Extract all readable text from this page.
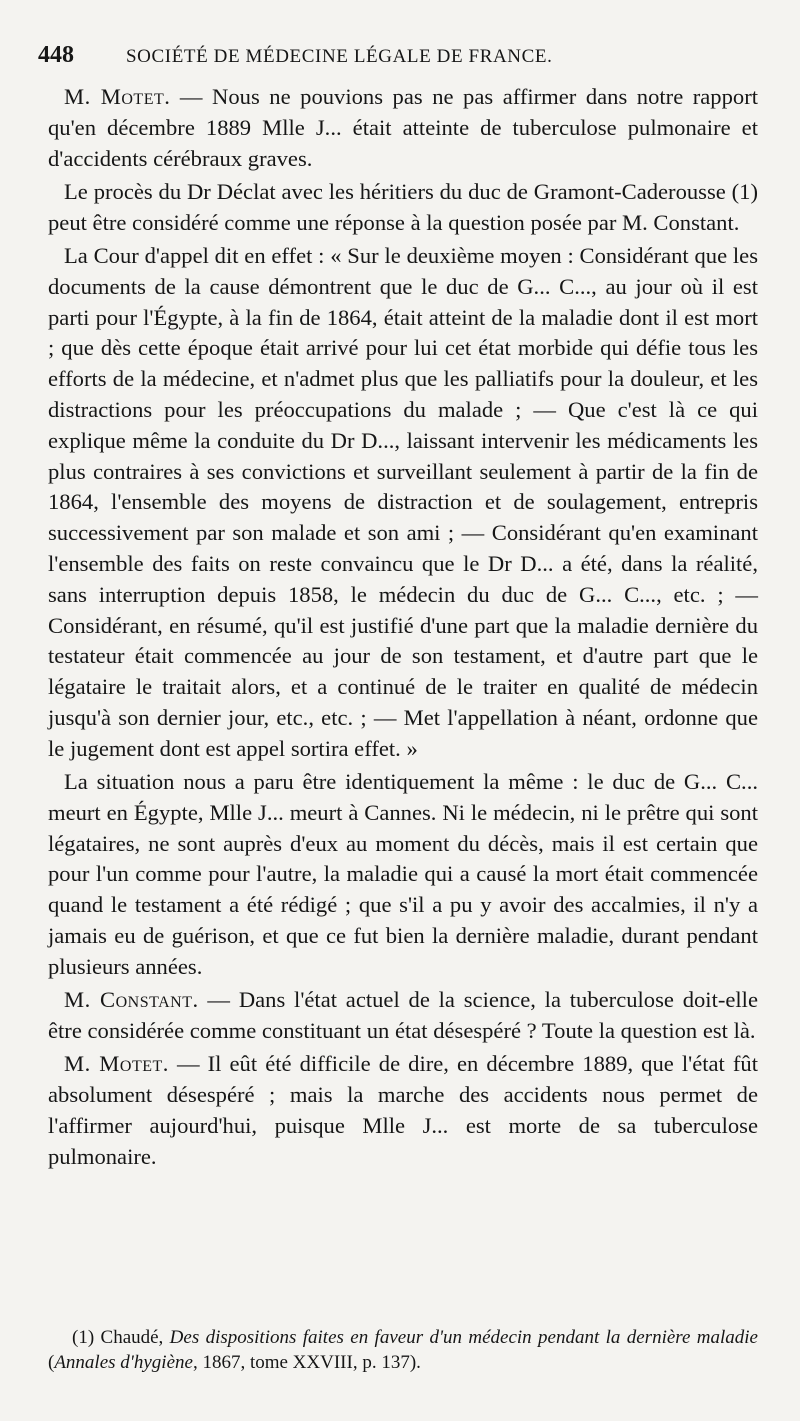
448	SOCIÉTÉ DE MÉDECINE LÉGALE DE FRANCE.

M. Motet. — Nous ne pouvions pas ne pas affirmer dans notre rapport qu'en décembre 1889 Mlle J... était atteinte de tuberculose pulmonaire et d'accidents cérébraux graves.

Le procès du Dr Déclat avec les héritiers du duc de Gramont-Caderousse (1) peut être considéré comme une réponse à la question posée par M. Constant.

La Cour d'appel dit en effet : « Sur le deuxième moyen : Considérant que les documents de la cause démontrent que le duc de G... C..., au jour où il est parti pour l'Égypte, à la fin de 1864, était atteint de la maladie dont il est mort ; que dès cette époque était arrivé pour lui cet état morbide qui défie tous les efforts de la médecine, et n'admet plus que les palliatifs pour la douleur, et les distractions pour les préoccupations du malade ; — Que c'est là ce qui explique même la conduite du Dr D..., laissant intervenir les médicaments les plus contraires à ses convictions et surveillant seulement à partir de la fin de 1864, l'ensemble des moyens de distraction et de soulagement, entrepris successivement par son malade et son ami ; — Considérant qu'en examinant l'ensemble des faits on reste convaincu que le Dr D... a été, dans la réalité, sans interruption depuis 1858, le médecin du duc de G... C..., etc. ; — Considérant, en résumé, qu'il est justifié d'une part que la maladie dernière du testateur était commencée au jour de son testament, et d'autre part que le légataire le traitait alors, et a continué de le traiter en qualité de médecin jusqu'à son dernier jour, etc., etc. ; — Met l'appellation à néant, ordonne que le jugement dont est appel sortira effet. »

La situation nous a paru être identiquement la même : le duc de G... C... meurt en Égypte, Mlle J... meurt à Cannes. Ni le médecin, ni le prêtre qui sont légataires, ne sont auprès d'eux au moment du décès, mais il est certain que pour l'un comme pour l'autre, la maladie qui a causé la mort était commencée quand le testament a été rédigé ; que s'il a pu y avoir des accalmies, il n'y a jamais eu de guérison, et que ce fut bien la dernière maladie, durant pendant plusieurs années.

M. Constant. — Dans l'état actuel de la science, la tuberculose doit-elle être considérée comme constituant un état désespéré ? Toute la question est là.

M. Motet. — Il eût été difficile de dire, en décembre 1889, que l'état fût absolument désespéré ; mais la marche des accidents nous permet de l'affirmer aujourd'hui, puisque Mlle J... est morte de sa tuberculose pulmonaire.

(1) Chaudé, Des dispositions faites en faveur d'un médecin pendant la dernière maladie (Annales d'hygiène, 1867, tome XXVIII, p. 137).
